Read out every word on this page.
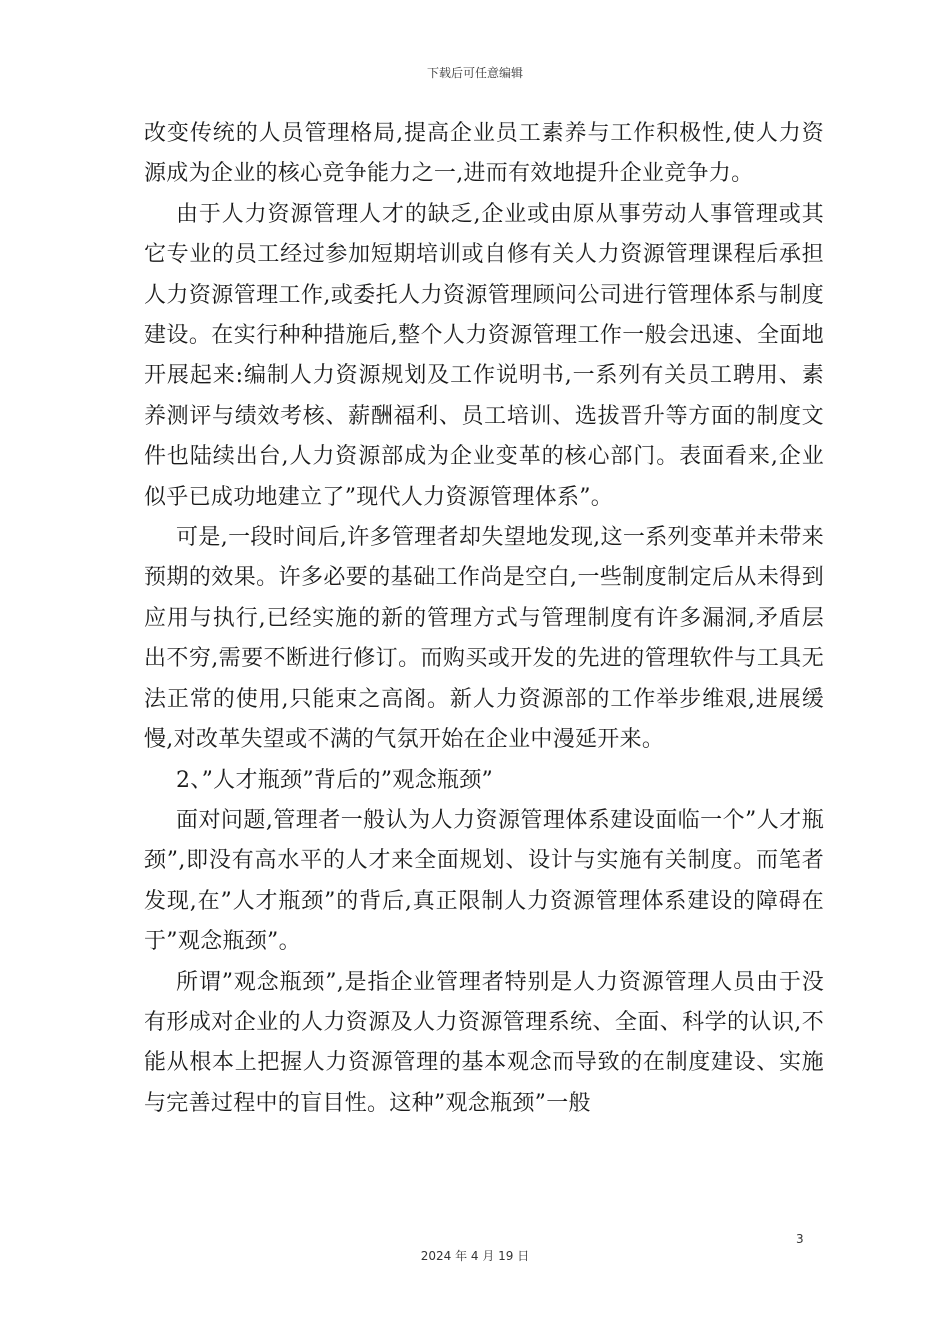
下载后可任意编辑

改变传统的人员管理格局,提高企业员工素养与工作积极性,使人力资源成为企业的核心竞争能力之一,进而有效地提升企业竞争力。

由于人力资源管理人才的缺乏,企业或由原从事劳动人事管理或其它专业的员工经过参加短期培训或自修有关人力资源管理课程后承担人力资源管理工作,或委托人力资源管理顾问公司进行管理体系与制度建设。在实行种种措施后,整个人力资源管理工作一般会迅速、全面地开展起来:编制人力资源规划及工作说明书,一系列有关员工聘用、素养测评与绩效考核、薪酬福利、员工培训、选拔晋升等方面的制度文件也陆续出台,人力资源部成为企业变革的核心部门。表面看来,企业似乎已成功地建立了”现代人力资源管理体系”。

可是,一段时间后,许多管理者却失望地发现,这一系列变革并未带来预期的效果。许多必要的基础工作尚是空白,一些制度制定后从未得到应用与执行,已经实施的新的管理方式与管理制度有许多漏洞,矛盾层出不穷,需要不断进行修订。而购买或开发的先进的管理软件与工具无法正常的使用,只能束之高阁。新人力资源部的工作举步维艰,进展缓慢,对改革失望或不满的气氛开始在企业中漫延开来。

2、”人才瓶颈”背后的”观念瓶颈”

面对问题,管理者一般认为人力资源管理体系建设面临一个”人才瓶颈”,即没有高水平的人才来全面规划、设计与实施有关制度。而笔者发现,在”人才瓶颈”的背后,真正限制人力资源管理体系建设的障碍在于”观念瓶颈”。

所谓”观念瓶颈”,是指企业管理者特别是人力资源管理人员由于没有形成对企业的人力资源及人力资源管理系统、全面、科学的认识,不能从根本上把握人力资源管理的基本观念而导致的在制度建设、实施与完善过程中的盲目性。这种”观念瓶颈”一般

3
2024 年 4 月 19 日
